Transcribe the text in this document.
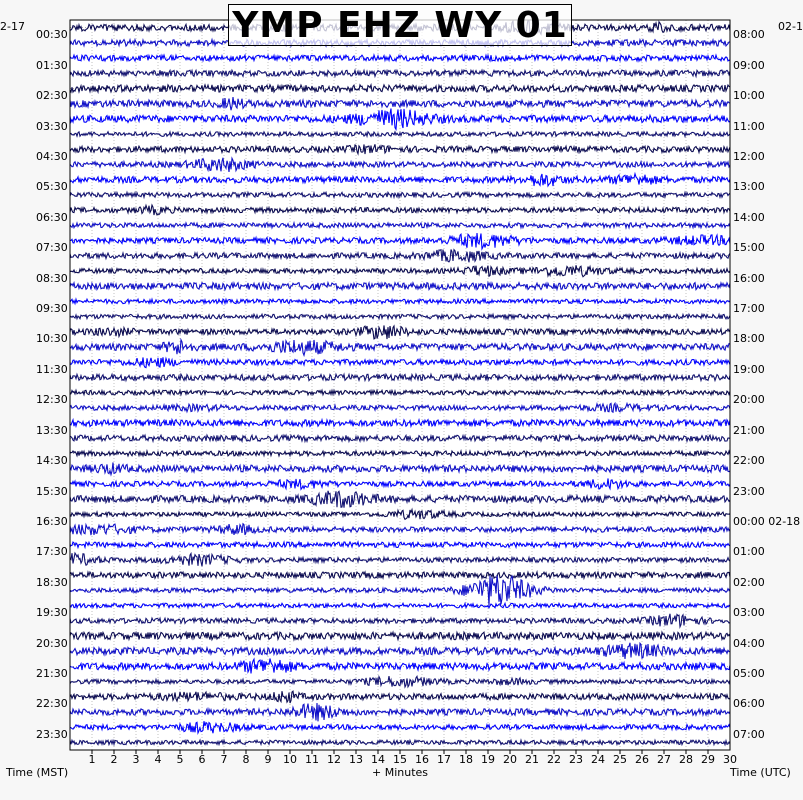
YMP EHZ WY 01
2-17	02-1
Time (MST)	+ Minutes	Time (UTC)
00:30
01:30
02:30
03:30
04:30
05:30
06:30
07:30
08:30
09:30
10:30
11:30
12:30
13:30
14:30
15:30
16:30
17:30
18:30
19:30
20:30
21:30
22:30
23:30
08:00
09:00
10:00
11:00
12:00
13:00
14:00
15:00
16:00
17:00
18:00
19:00
20:00
21:00
22:00
23:00
00:00 02-18
01:00
02:00
03:00
04:00
05:00
06:00
07:00
1 2 3 4 5 6 7 8 9 10 11 12 13 14 15 16 17 18 19 20 21 22 23 24 25 26 27 28 29 30
